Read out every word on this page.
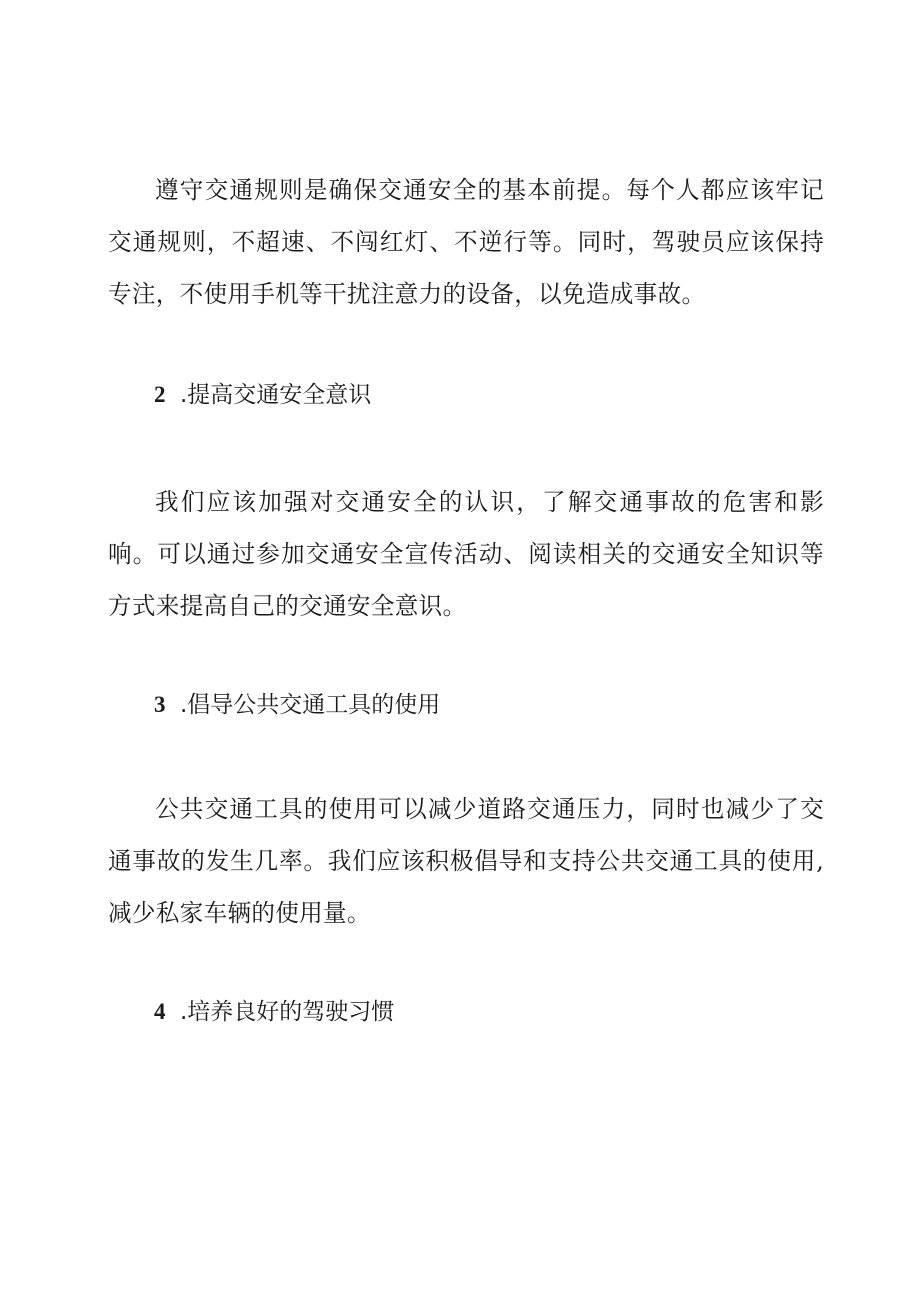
遵守交通规则是确保交通安全的基本前提。每个人都应该牢记交通规则，不超速、不闯红灯、不逆行等。同时，驾驶员应该保持专注，不使用手机等干扰注意力的设备，以免造成事故。

2 .提高交通安全意识

我们应该加强对交通安全的认识，了解交通事故的危害和影响。可以通过参加交通安全宣传活动、阅读相关的交通安全知识等方式来提高自己的交通安全意识。

3 .倡导公共交通工具的使用

公共交通工具的使用可以减少道路交通压力，同时也减少了交通事故的发生几率。我们应该积极倡导和支持公共交通工具的使用,减少私家车辆的使用量。

4 .培养良好的驾驶习惯
